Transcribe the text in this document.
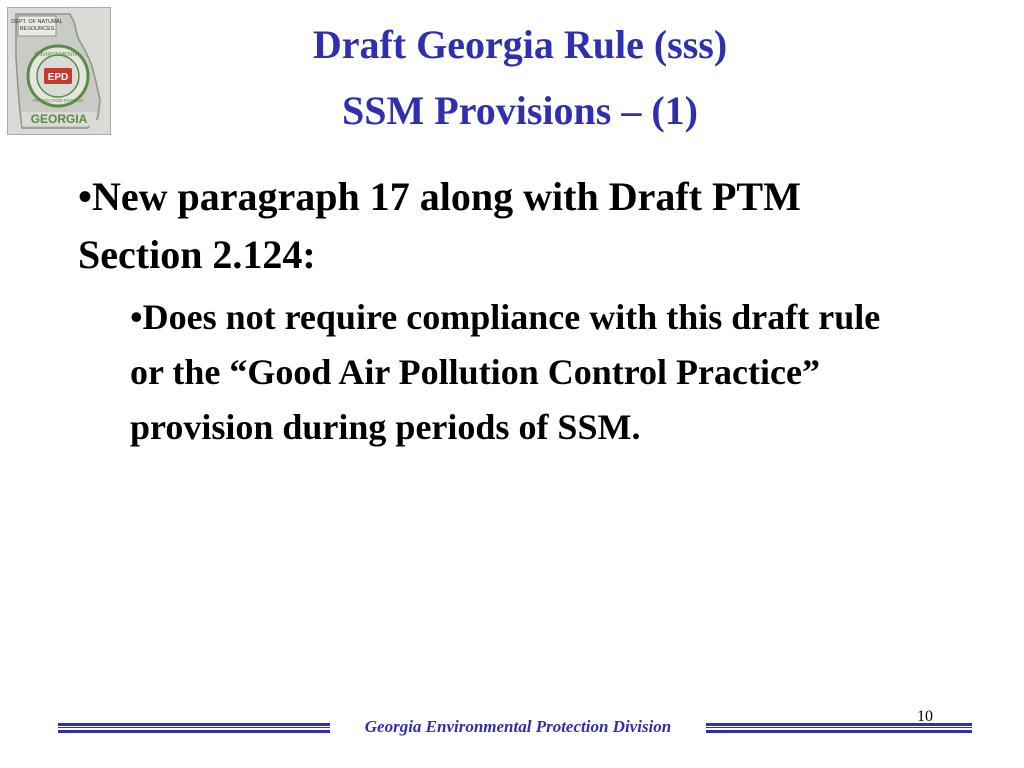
DEPT. OF NATURAL
RESOURCES
ENVIRONMENTAL
PROTECTION DIVISION
EPD
GEORGIA
Draft Georgia Rule (sss)
SSM Provisions – (1)
•New paragraph 17 along with Draft PTM Section 2.124:
•Does not require compliance with this draft rule or the “Good Air Pollution Control Practice” provision during periods of SSM.
Georgia Environmental Protection Division
10
